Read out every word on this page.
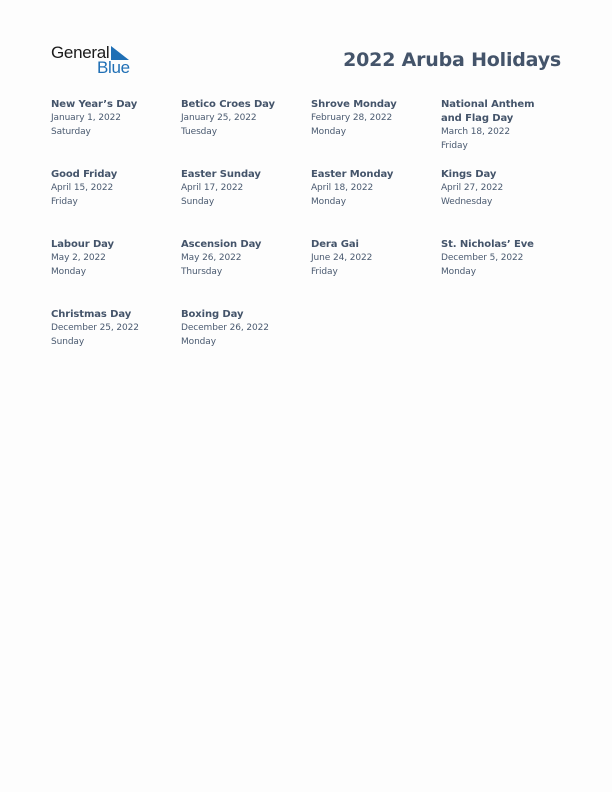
General
Blue	2022 Aruba Holidays
New Year’s Day
January 1, 2022
Saturday
Betico Croes Day
January 25, 2022
Tuesday
Shrove Monday
February 28, 2022
Monday
National Anthem and Flag Day
March 18, 2022
Friday
Good Friday
April 15, 2022
Friday
Easter Sunday
April 17, 2022
Sunday
Easter Monday
April 18, 2022
Monday
Kings Day
April 27, 2022
Wednesday
Labour Day
May 2, 2022
Monday
Ascension Day
May 26, 2022
Thursday
Dera Gai
June 24, 2022
Friday
St. Nicholas’ Eve
December 5, 2022
Monday
Christmas Day
December 25, 2022
Sunday
Boxing Day
December 26, 2022
Monday
